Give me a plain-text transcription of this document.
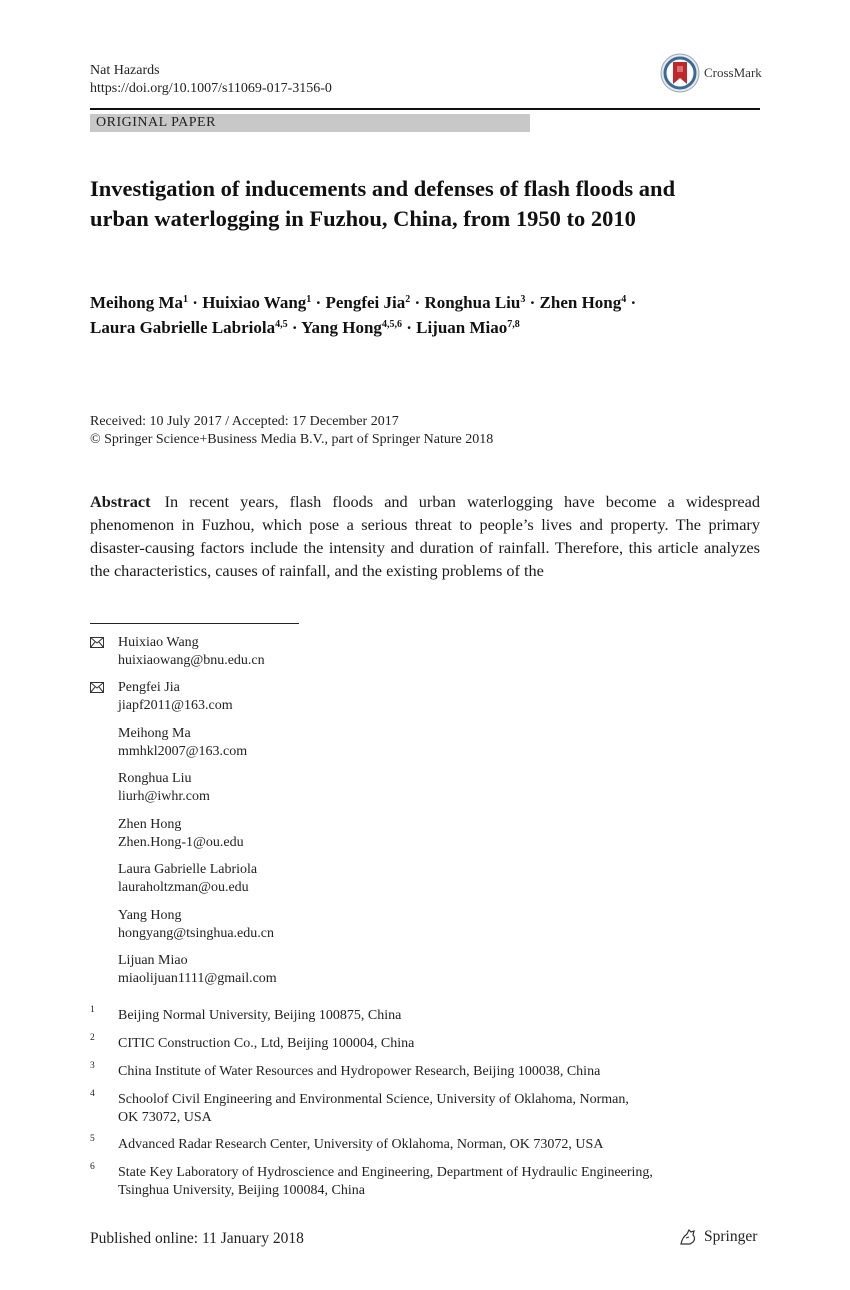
Nat Hazards
https://doi.org/10.1007/s11069-017-3156-0
CrossMark
ORIGINAL PAPER
Investigation of inducements and defenses of flash floods and urban waterlogging in Fuzhou, China, from 1950 to 2010
Meihong $Ma^1$ · Huixiao Wang$^1$ · Pengfei Jia$^2$ · Ronghua Liu$^3$ · Zhen Hong$^4$ ·
Laura Gabrielle Labriola$^{4,5}$ · Yang Hong$^{4,5,6}$ · Lijuan Miao$^{7,8}$
Received: 10 July 2017 / Accepted: 17 December 2017
© Springer Science+Business Media B.V., part of Springer Nature 2018
Abstract In recent years, flash floods and urban waterlogging have become a widespread phenomenon in Fuzhou, which pose a serious threat to people’s lives and property. The primary disaster-causing factors include the intensity and duration of rainfall. Therefore, this article analyzes the characteristics, causes of rainfall, and the existing problems of the
Huixiao Wang
huixiaowang@bnu.edu.cn
Pengfei Jia
jiapf2011@163.com
Meihong Ma
mmhkl2007@163.com
Ronghua Liu
liurh@iwhr.com
Zhen Hong
Zhen.Hong-1@ou.edu
Laura Gabrielle Labriola
lauraholtzman@ou.edu
Yang Hong
hongyang@tsinghua.edu.cn
Lijuan Miao
miaolijuan1111@gmail.com
1 Beijing Normal University, Beijing 100875, China
2 CITIC Construction Co., Ltd, Beijing 100004, China
3 China Institute of Water Resources and Hydropower Research, Beijing 100038, China
4 Schoolof Civil Engineering and Environmental Science, University of Oklahoma, Norman,
OK 73072, USA
5 Advanced Radar Research Center, University of Oklahoma, Norman, OK 73072, USA
6 State Key Laboratory of Hydroscience and Engineering, Department of Hydraulic Engineering,
Tsinghua University, Beijing 100084, China
Published online: 11 January 2018	Springer
